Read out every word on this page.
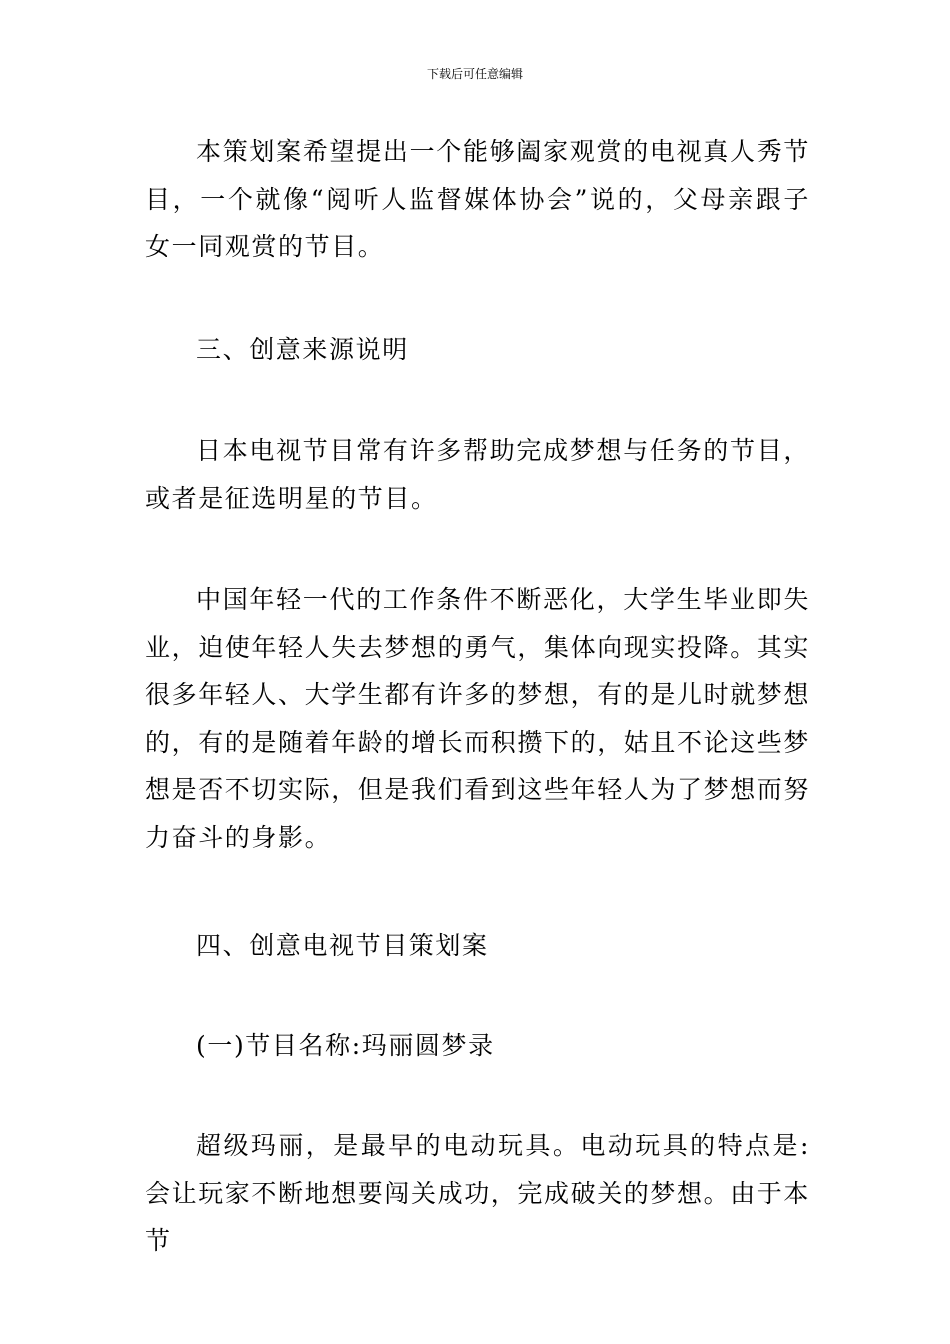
下载后可任意编辑

本策划案希望提出一个能够阖家观赏的电视真人秀节目，一个就像“阅听人监督媒体协会”说的，父母亲跟子女一同观赏的节目。

三、创意来源说明

日本电视节目常有许多帮助完成梦想与任务的节目，或者是征选明星的节目。

中国年轻一代的工作条件不断恶化，大学生毕业即失业，迫使年轻人失去梦想的勇气，集体向现实投降。其实很多年轻人、大学生都有许多的梦想，有的是儿时就梦想的，有的是随着年龄的增长而积攒下的，姑且不论这些梦想是否不切实际，但是我们看到这些年轻人为了梦想而努力奋斗的身影。

四、创意电视节目策划案

(一)节目名称:玛丽圆梦录

超级玛丽，是最早的电动玩具。电动玩具的特点是:会让玩家不断地想要闯关成功，完成破关的梦想。由于本节
